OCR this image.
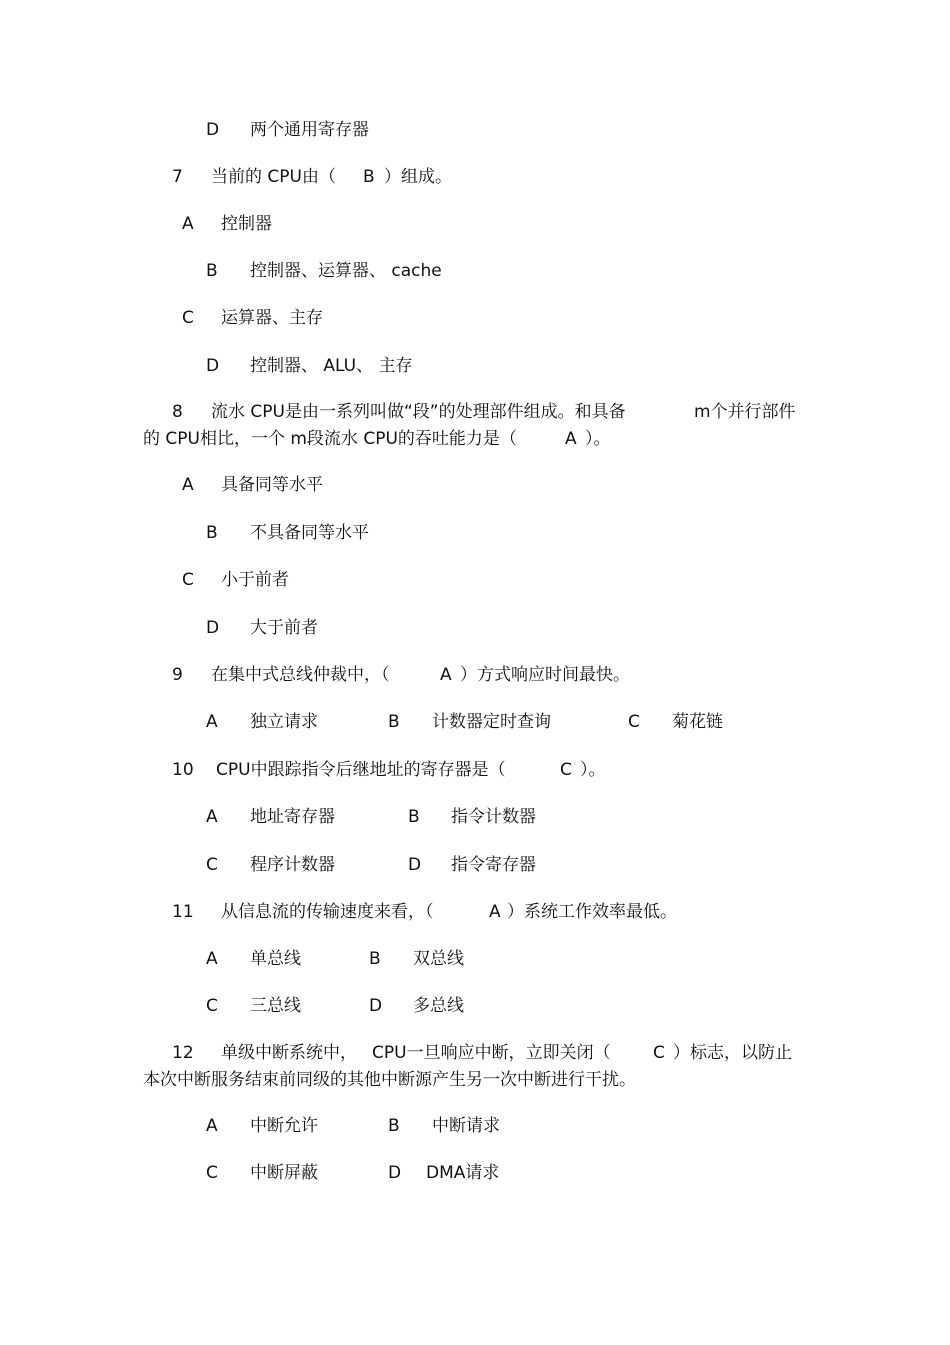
D 两个通用寄存器
7 当前的 CPU由（ B ）组成。
A 控制器
B 控制器、运算器、 cache
C 运算器、主存
D 控制器、 ALU、 主存
8 流水 CPU是由一系列叫做“段”的处理部件组成。和具备	m个并行部件
的 CPU相比，一个 m段流水 CPU的吞吐能力是（	A ）。
A 具备同等水平
B 不具备同等水平
C 小于前者
D 大于前者
9 在集中式总线仲裁中，（	A ）方式响应时间最快。
A 独立请求	B 计数器定时查询	C 菊花链
10 CPU中跟踪指令后继地址的寄存器是（	C ）。
A 地址寄存器	B 指令计数器
C 程序计数器	D 指令寄存器
11 从信息流的传输速度来看，（	A ）系统工作效率最低。
A 单总线	B 双总线
C 三总线	D 多总线
12 单级中断系统中， CPU一旦响应中断，立即关闭（ C ）标志，以防止
本次中断服务结束前同级的其他中断源产生另一次中断进行干扰。
A 中断允许	B 中断请求
C 中断屏蔽	D DMA请求
